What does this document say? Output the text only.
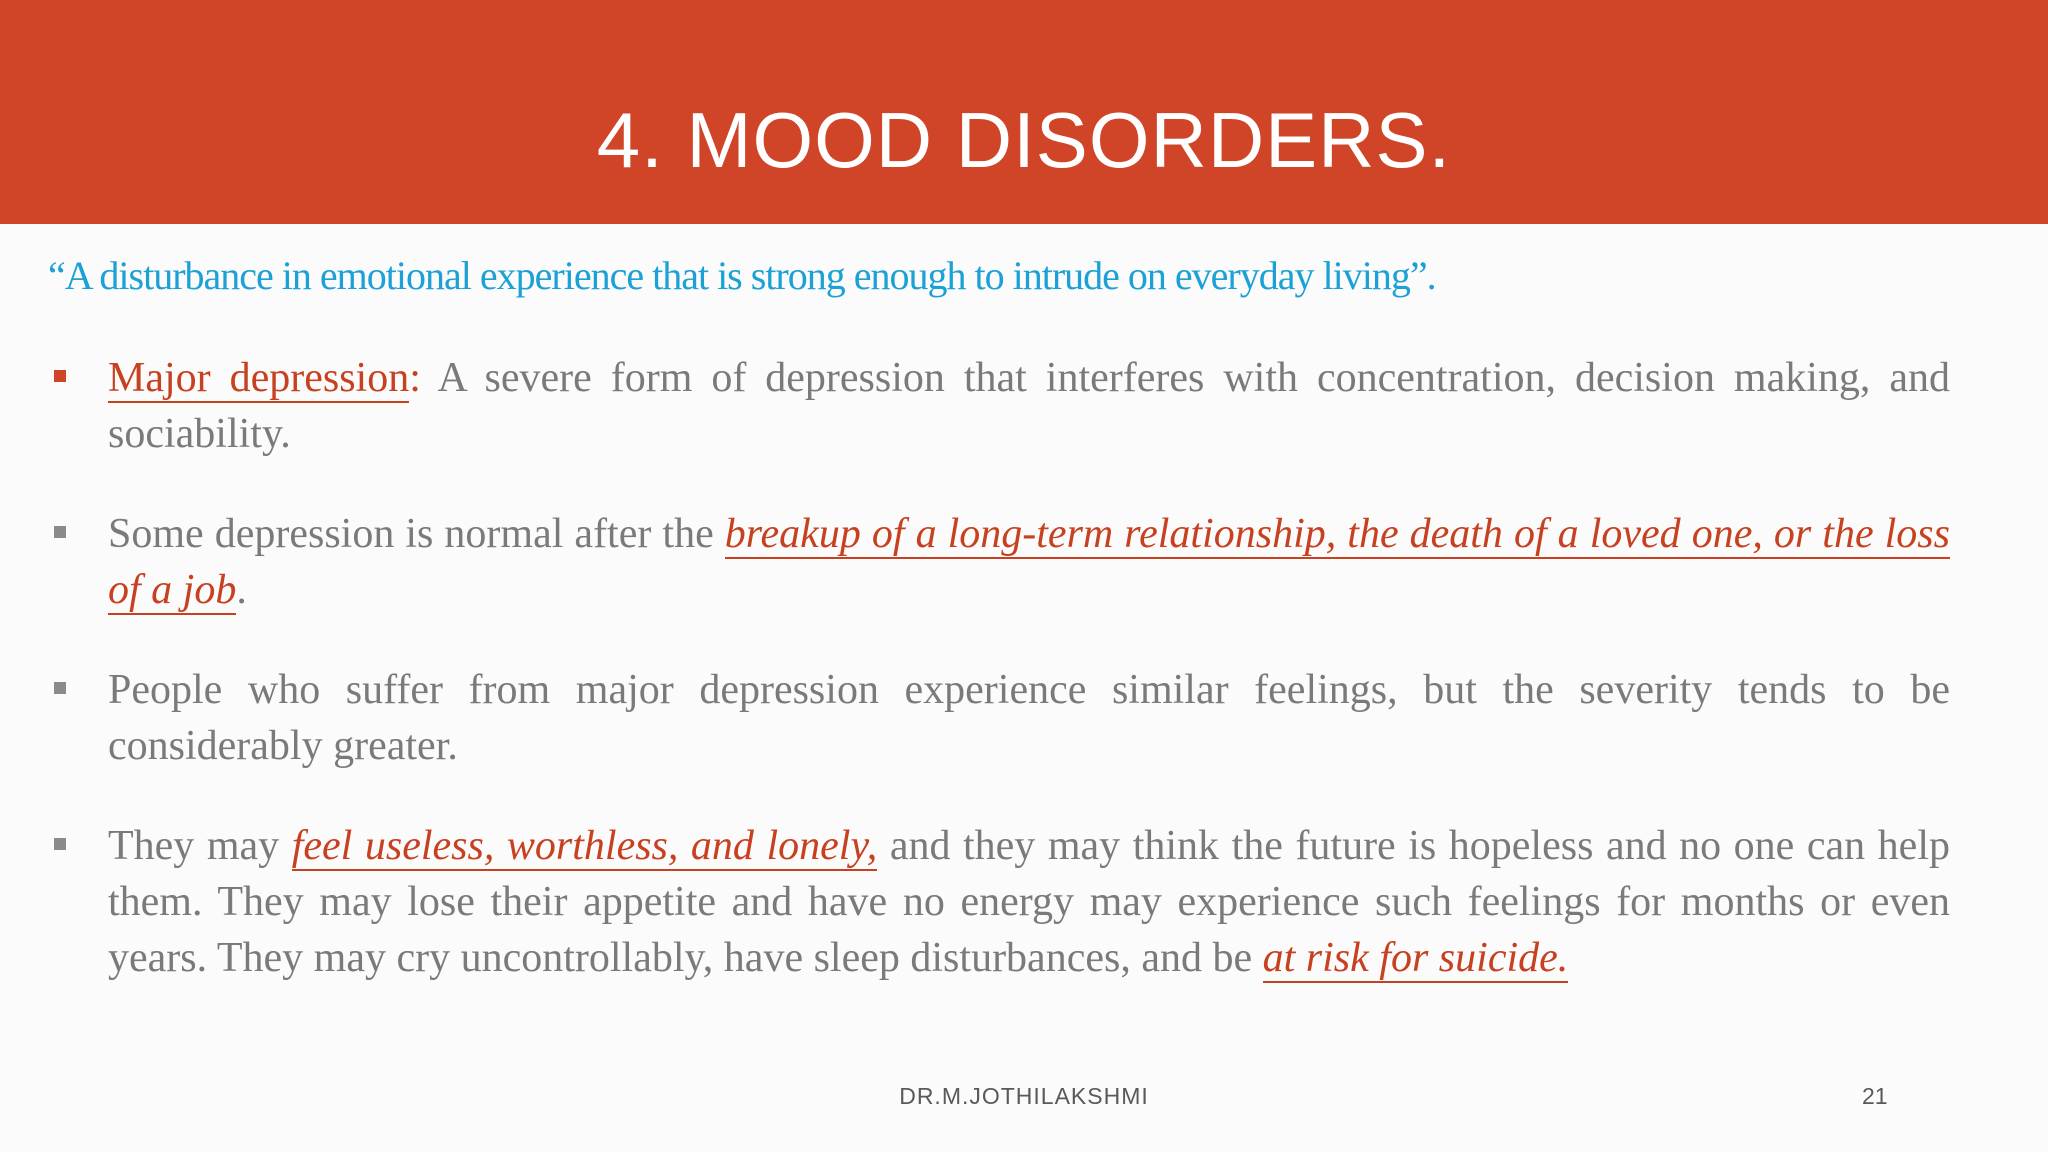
4. MOOD DISORDERS.

“A disturbance in emotional experience that is strong enough to intrude on everyday living”.

Major depression: A severe form of depression that interferes with concentration, decision making, and sociability.
Some depression is normal after the breakup of a long-term relationship, the death of a loved one, or the loss of a job.
People who suffer from major depression experience similar feelings, but the severity tends to be considerably greater.
They may feel useless, worthless, and lonely, and they may think the future is hopeless and no one can help them. They may lose their appetite and have no energy may experience such feelings for months or even years. They may cry uncontrollably, have sleep disturbances, and be at risk for suicide.
DR.M.JOTHILAKSHMI	21
